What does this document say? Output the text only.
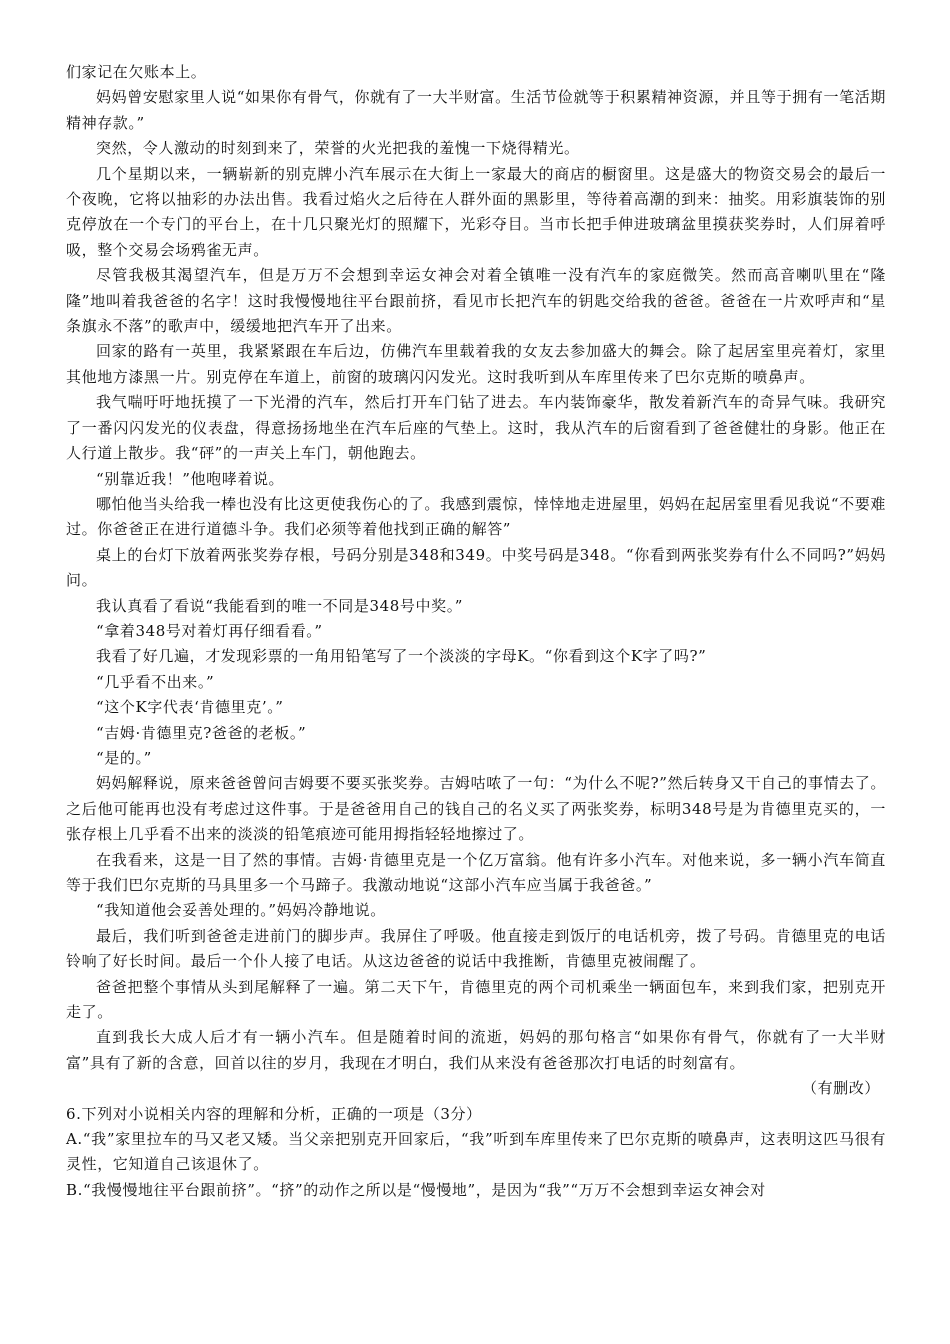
们家记在欠账本上。

妈妈曾安慰家里人说“如果你有骨气，你就有了一大半财富。生活节俭就等于积累精神资源，并且等于拥有一笔活期精神存款。”

突然，令人激动的时刻到来了，荣誉的火光把我的羞愧一下烧得精光。

几个星期以来，一辆崭新的别克牌小汽车展示在大街上一家最大的商店的橱窗里。这是盛大的物资交易会的最后一个夜晚，它将以抽彩的办法出售。我看过焰火之后待在人群外面的黑影里，等待着高潮的到来：抽奖。用彩旗装饰的别克停放在一个专门的平台上，在十几只聚光灯的照耀下，光彩夺目。当市长把手伸进玻璃盆里摸获奖券时，人们屏着呼吸，整个交易会场鸦雀无声。

尽管我极其渴望汽车，但是万万不会想到幸运女神会对着全镇唯一没有汽车的家庭微笑。然而高音喇叭里在“隆隆”地叫着我爸爸的名字！这时我慢慢地往平台跟前挤，看见市长把汽车的钥匙交给我的爸爸。爸爸在一片欢呼声和“星条旗永不落”的歌声中，缓缓地把汽车开了出来。

回家的路有一英里，我紧紧跟在车后边，仿佛汽车里载着我的女友去参加盛大的舞会。除了起居室里亮着灯，家里其他地方漆黑一片。别克停在车道上，前窗的玻璃闪闪发光。这时我听到从车库里传来了巴尔克斯的喷鼻声。

我气喘吁吁地抚摸了一下光滑的汽车，然后打开车门钻了进去。车内装饰豪华，散发着新汽车的奇异气味。我研究了一番闪闪发光的仪表盘，得意扬扬地坐在汽车后座的气垫上。这时，我从汽车的后窗看到了爸爸健壮的身影。他正在人行道上散步。我“砰”的一声关上车门，朝他跑去。

“别靠近我！”他咆哮着说。

哪怕他当头给我一棒也没有比这更使我伤心的了。我感到震惊，悻悻地走进屋里，妈妈在起居室里看见我说“不要难过。你爸爸正在进行道德斗争。我们必须等着他找到正确的解答”

桌上的台灯下放着两张奖券存根，号码分别是348和349。中奖号码是348。“你看到两张奖券有什么不同吗?”妈妈问。

我认真看了看说“我能看到的唯一不同是348号中奖。”

“拿着348号对着灯再仔细看看。”

我看了好几遍，才发现彩票的一角用铅笔写了一个淡淡的字母K。“你看到这个K字了吗?”

“几乎看不出来。”

“这个K字代表‘肯德里克’。”

“吉姆·肯德里克?爸爸的老板。”

“是的。”

妈妈解释说，原来爸爸曾问吉姆要不要买张奖券。吉姆咕哝了一句：“为什么不呢?”然后转身又干自己的事情去了。之后他可能再也没有考虑过这件事。于是爸爸用自己的钱自己的名义买了两张奖券，标明348号是为肯德里克买的，一张存根上几乎看不出来的淡淡的铅笔痕迹可能用拇指轻轻地擦过了。

在我看来，这是一目了然的事情。吉姆·肯德里克是一个亿万富翁。他有许多小汽车。对他来说，多一辆小汽车简直等于我们巴尔克斯的马具里多一个马蹄子。我激动地说“这部小汽车应当属于我爸爸。”

“我知道他会妥善处理的。”妈妈冷静地说。

最后，我们听到爸爸走进前门的脚步声。我屏住了呼吸。他直接走到饭厅的电话机旁，拨了号码。肯德里克的电话铃响了好长时间。最后一个仆人接了电话。从这边爸爸的说话中我推断，肯德里克被闹醒了。

爸爸把整个事情从头到尾解释了一遍。第二天下午，肯德里克的两个司机乘坐一辆面包车，来到我们家，把别克开走了。

直到我长大成人后才有一辆小汽车。但是随着时间的流逝，妈妈的那句格言“如果你有骨气，你就有了一大半财富”具有了新的含意，回首以往的岁月，我现在才明白，我们从来没有爸爸那次打电话的时刻富有。

（有删改）

6.下列对小说相关内容的理解和分析，正确的一项是（3分）

A.“我”家里拉车的马又老又矮。当父亲把别克开回家后，“我”听到车库里传来了巴尔克斯的喷鼻声，这表明这匹马很有灵性，它知道自己该退休了。

B.“我慢慢地往平台跟前挤”。“挤”的动作之所以是“慢慢地”，是因为“我”“万万不会想到幸运女神会对
